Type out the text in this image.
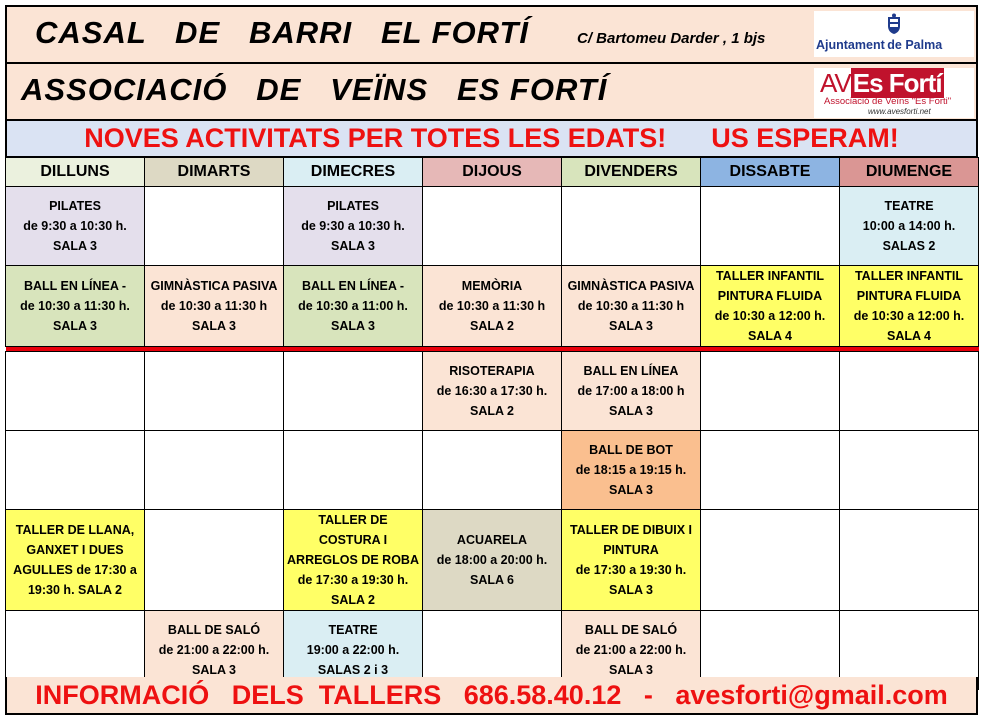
CASAL   DE   BARRI   EL FORTÍ	C/ Bartomeu Darder , 1 bjs	Ajuntament de Palma
ASSOCIACIÓ   DE   VEÏNS   ES FORTÍ	AVEs Fortí
Associació de Veïns "Es Forti"
www.avesforti.net
NOVES ACTIVITATS PER TOTES LES EDATS!      US ESPERAM!
DILLUNS	DIMARTS	DIMECRES	DIJOUS	DIVENDERS	DISSABTE	DIUMENGE
PILATES
de 9:30 a 10:30 h.
SALA 3		PILATES
de 9:30 a 10:30 h.
SALA 3				TEATRE
10:00 a 14:00 h.
SALAS 2
BALL EN LÍNEA -
de 10:30 a 11:30 h.
SALA 3	GIMNÀSTICA PASIVA
de 10:30 a 11:30 h
SALA 3	BALL EN LÍNEA -
de 10:30 a 11:00 h.
SALA 3	MEMÒRIA
de 10:30 a 11:30 h
SALA 2	GIMNÀSTICA PASIVA
de 10:30 a 11:30 h
SALA 3	TALLER INFANTIL
PINTURA FLUIDA
de 10:30 a 12:00 h.
SALA 4	TALLER INFANTIL
PINTURA FLUIDA
de 10:30 a 12:00 h.
SALA 4

			RISOTERAPIA
de 16:30 a 17:30 h.
SALA 2	BALL EN LÍNEA
de 17:00 a 18:00 h
SALA 3		
				BALL DE BOT
de 18:15 a 19:15 h.
SALA 3		
TALLER DE LLANA,
GANXET I DUES
AGULLES de 17:30 a
19:30 h. SALA 2		TALLER DE COSTURA I
ARREGLOS DE ROBA
de 17:30 a 19:30 h.
SALA 2	ACUARELA
de 18:00 a 20:00 h.
SALA 6	TALLER DE DIBUIX I
PINTURA
de 17:30 a 19:30 h.
SALA 3		
	BALL DE SALÓ
de 21:00 a 22:00 h.
SALA 3	TEATRE
19:00 a 22:00 h.
SALAS 2 i 3		BALL DE SALÓ
de 21:00 a 22:00 h.
SALA 3		
INFORMACIÓ   DELS  TALLERS   686.58.40.12   -   avesforti@gmail.com
